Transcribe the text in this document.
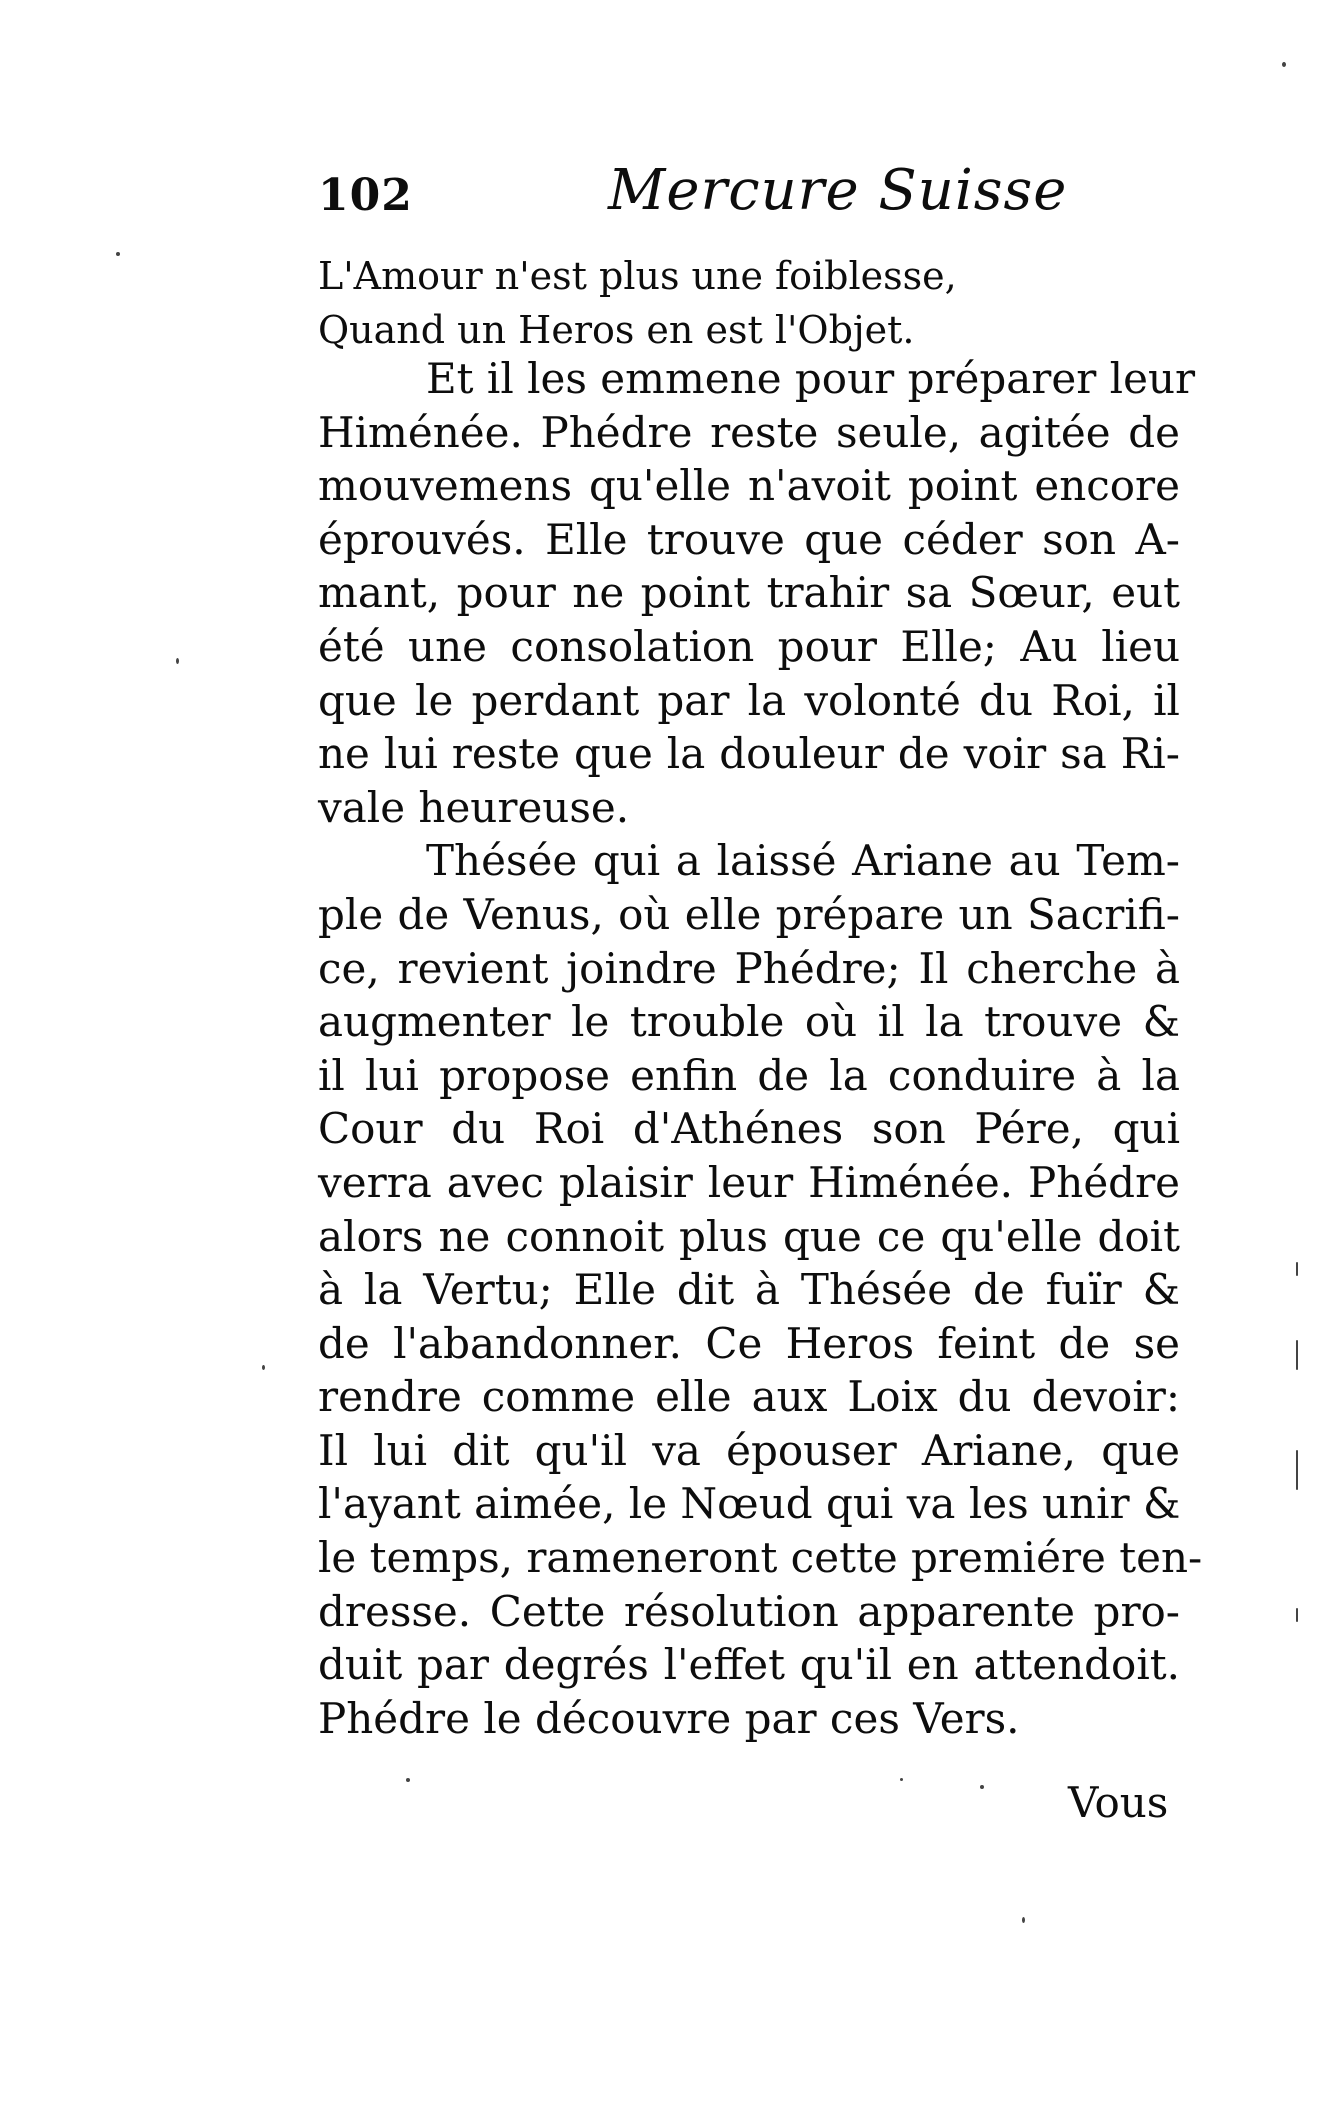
102	Mercure Suisse
L'Amour n'est plus une foiblesse,
Quand un Heros en est l'Objet.
Et il les emmene pour préparer leur
Himénée. Phédre reste seule, agitée de
mouvemens qu'elle n'avoit point encore
éprouvés. Elle trouve que céder son A-
mant, pour ne point trahir sa Sœur, eut
été une consolation pour Elle; Au lieu
que le perdant par la volonté du Roi, il
ne lui reste que la douleur de voir sa Ri-
vale heureuse.
Thésée qui a laissé Ariane au Tem-
ple de Venus, où elle prépare un Sacrifi-
ce, revient joindre Phédre; Il cherche à
augmenter le trouble où il la trouve &
il lui propose enfin de la conduire à la
Cour du Roi d'Athénes son Pére, qui
verra avec plaisir leur Himénée. Phédre
alors ne connoit plus que ce qu'elle doit
à la Vertu; Elle dit à Thésée de fuïr &
de l'abandonner. Ce Heros feint de se
rendre comme elle aux Loix du devoir:
Il lui dit qu'il va épouser Ariane, que
l'ayant aimée, le Nœud qui va les unir &
le temps, rameneront cette premiére ten-
dresse. Cette résolution apparente pro-
duit par degrés l'effet qu'il en attendoit.
Phédre le découvre par ces Vers.
Vous
